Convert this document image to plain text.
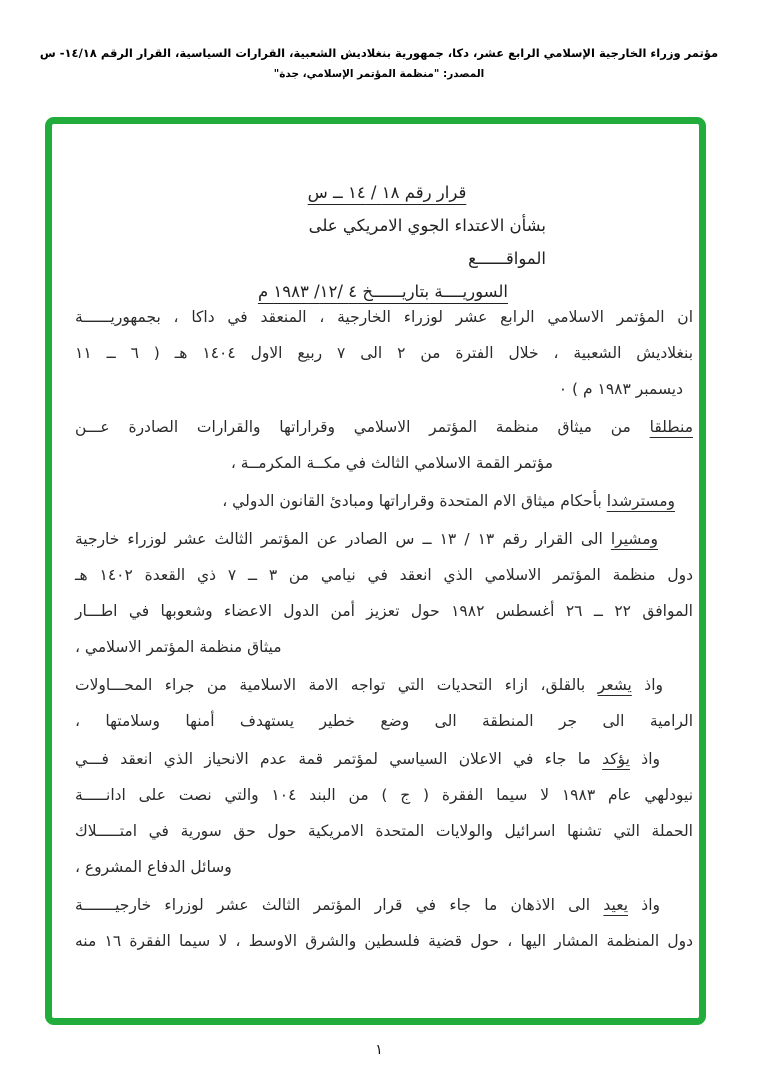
مؤتمر وزراء الخارجية الإسلامي الرابع عشر، دكا، جمهورية بنغلاديش الشعبية، القرارات السياسية، القرار الرقم ١٤/١٨- س
المصدر: "منظمة المؤتمر الإسلامي، جدة"
قرار رقم ١٨ / ١٤ ــ س
بشأن الاعتداء الجوي الامريكي على المواقــــــع
السوريــــة بتاريــــــخ ٤ /١٢/ ١٩٨٣ م
ان المؤتمر الاسلامي الرابع عشر لوزراء الخارجية ، المنعقد في داكا ، بجمهوريــــــة
بنغلاديش الشعبية ، خلال الفترة من ٢ الى ٧ ربيع الاول ١٤٠٤ هـ ( ٦ ــ ١١
ديسمبر ١٩٨٣ م ) ٠
منطلقا من ميثاق منظمة المؤتمر الاسلامي وقراراتها والقرارات الصادرة عـــن
مؤتمر القمة الاسلامي الثالث في مكــة المكرمــة ،
ومسترشدا بأحكام ميثاق الام المتحدة وقراراتها ومبادئ القانون الدولي ،
ومشيرا الى القرار رقم ١٣ / ١٣ ــ س الصادر عن المؤتمر الثالث عشر لوزراء خارجية
دول منظمة المؤتمر الاسلامي الذي انعقد في نيامي من ٣ ــ ٧ ذي القعدة ١٤٠٢ هـ
الموافق ٢٢ ــ ٢٦ أغسطس ١٩٨٢ حول تعزيز أمن الدول الاعضاء وشعوبها في اطـــار
ميثاق منظمة المؤتمر الاسلامي ،
واذ يشعر بالقلق، ازاء التحديات التي تواجه الامة الاسلامية من جراء المحـــاولات
الرامية الى جر المنطقة الى وضع خطير يستهدف أمنها وسلامتها ،
واذ يؤكد ما جاء في الاعلان السياسي لمؤتمر قمة عدم الانحياز الذي انعقد فـــي
نيودلهي عام ١٩٨٣ لا سيما الفقرة ( ج ) من البند ١٠٤ والتي نصت على ادانـــــة
الحملة التي تشنها اسرائيل والولايات المتحدة الامريكية حول حق سورية في امتـــــلاك
وسائل الدفاع المشروع ،
واذ يعيد الى الاذهان ما جاء في قرار المؤتمر الثالث عشر لوزراء خارجيـــــــة
دول المنظمة المشار اليها ، حول قضية فلسطين والشرق الاوسط ، لا سيما الفقرة ١٦ منه
١
